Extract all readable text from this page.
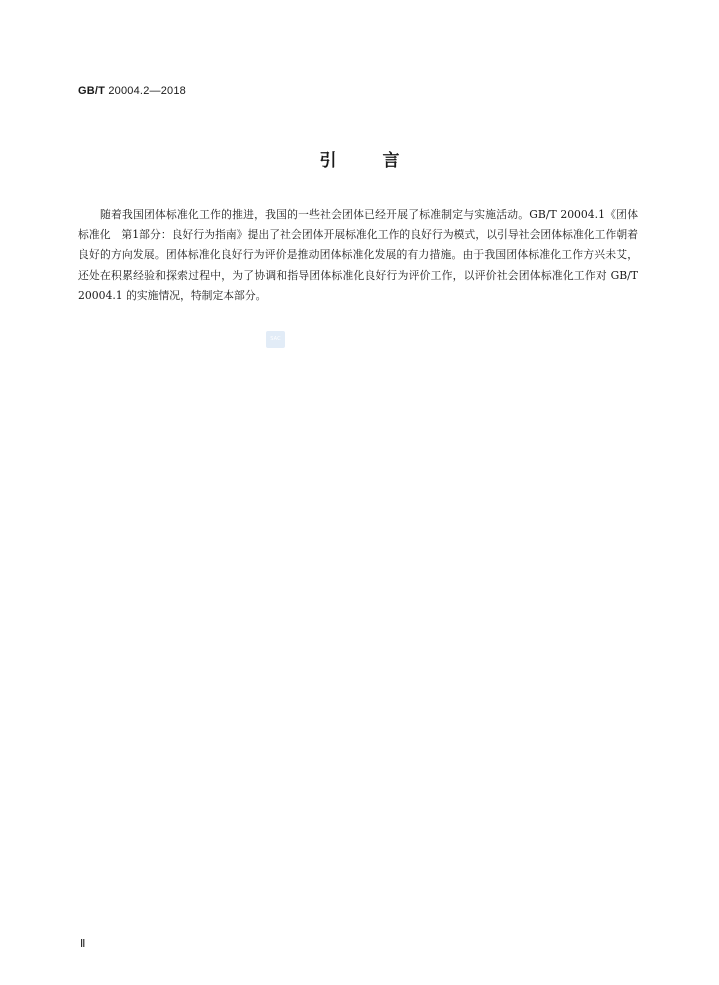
GB/T 20004.2—2018
引言

随着我国团体标准化工作的推进，我国的一些社会团体已经开展了标准制定与实施活动。GB/T 20004.1《团体标准化　第1部分：良好行为指南》提出了社会团体开展标准化工作的良好行为模式，以引导社会团体标准化工作朝着良好的方向发展。团体标准化良好行为评价是推动团体标准化发展的有力措施。由于我国团体标准化工作方兴未艾，还处在积累经验和探索过程中，为了协调和指导团体标准化良好行为评价工作，以评价社会团体标准化工作对 GB/T 20004.1 的实施情况，特制定本部分。

SAC
Ⅱ
